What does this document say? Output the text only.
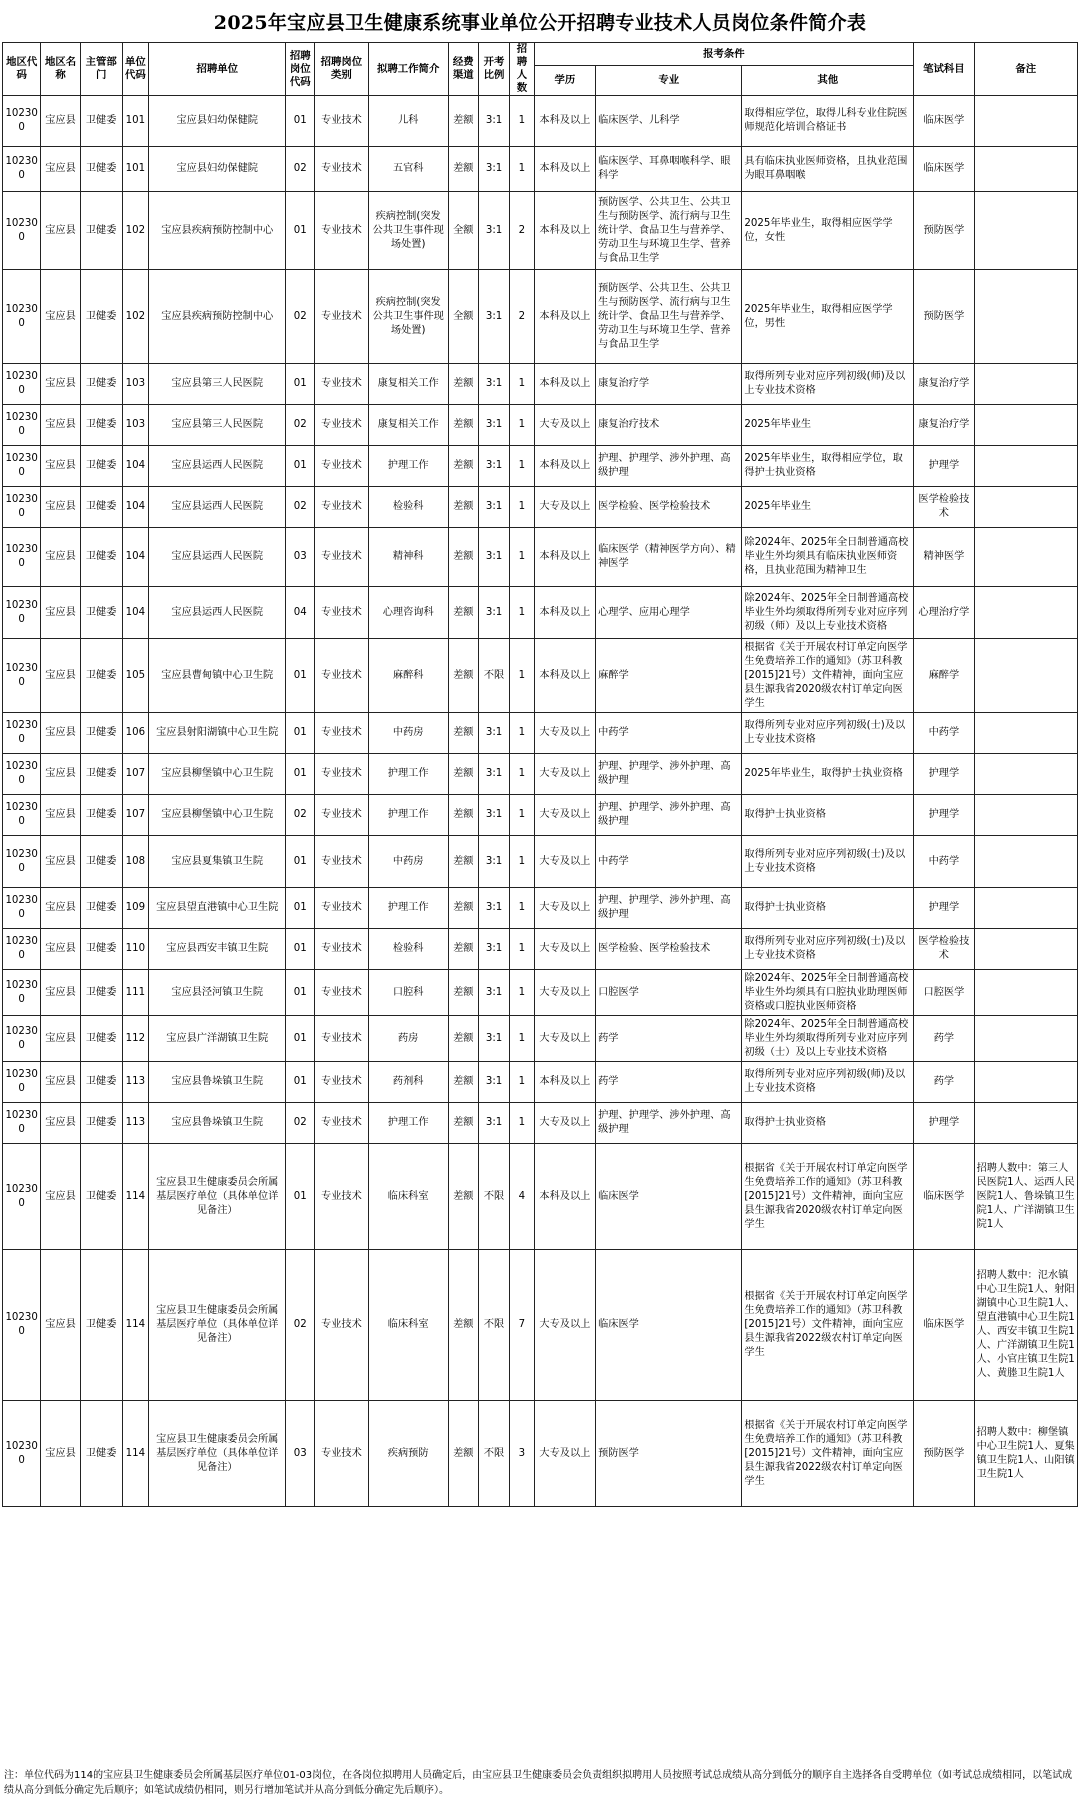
2025年宝应县卫生健康系统事业单位公开招聘专业技术人员岗位条件简介表
地区代码	地区名称	主管部门	单位代码	招聘单位	招聘岗位代码	招聘岗位类别	拟聘工作简介	经费渠道	开考比例	招聘人数	报考条件			笔试科目	备注
											学历	专业	其他		
102300	宝应县	卫健委	101	宝应县妇幼保健院	01	专业技术	儿科	差额	3:1	1	本科及以上	临床医学、儿科学	取得相应学位，取得儿科专业住院医师规范化培训合格证书	临床医学	
102300	宝应县	卫健委	101	宝应县妇幼保健院	02	专业技术	五官科	差额	3:1	1	本科及以上	临床医学、耳鼻咽喉科学、眼科学	具有临床执业医师资格，且执业范围为眼耳鼻咽喉	临床医学	
102300	宝应县	卫健委	102	宝应县疾病预防控制中心	01	专业技术	疾病控制(突发公共卫生事件现场处置)	全额	3:1	2	本科及以上	预防医学、公共卫生、公共卫生与预防医学、流行病与卫生统计学、食品卫生与营养学、劳动卫生与环境卫生学、营养与食品卫生学	2025年毕业生，取得相应医学学位，女性	预防医学	
102300	宝应县	卫健委	102	宝应县疾病预防控制中心	02	专业技术	疾病控制(突发公共卫生事件现场处置)	全额	3:1	2	本科及以上	预防医学、公共卫生、公共卫生与预防医学、流行病与卫生统计学、食品卫生与营养学、劳动卫生与环境卫生学、营养与食品卫生学	2025年毕业生，取得相应医学学位，男性	预防医学	
102300	宝应县	卫健委	103	宝应县第三人民医院	01	专业技术	康复相关工作	差额	3:1	1	本科及以上	康复治疗学	取得所列专业对应序列初级(师)及以上专业技术资格	康复治疗学	
102300	宝应县	卫健委	103	宝应县第三人民医院	02	专业技术	康复相关工作	差额	3:1	1	大专及以上	康复治疗技术	2025年毕业生	康复治疗学	
102300	宝应县	卫健委	104	宝应县运西人民医院	01	专业技术	护理工作	差额	3:1	1	本科及以上	护理、护理学、涉外护理、高级护理	2025年毕业生，取得相应学位，取得护士执业资格	护理学	
102300	宝应县	卫健委	104	宝应县运西人民医院	02	专业技术	检验科	差额	3:1	1	大专及以上	医学检验、医学检验技术	2025年毕业生	医学检验技术	
102300	宝应县	卫健委	104	宝应县运西人民医院	03	专业技术	精神科	差额	3:1	1	本科及以上	临床医学（精神医学方向）、精神医学	除2024年、2025年全日制普通高校毕业生外均须具有临床执业医师资格，且执业范围为精神卫生	精神医学	
102300	宝应县	卫健委	104	宝应县运西人民医院	04	专业技术	心理咨询科	差额	3:1	1	本科及以上	心理学、应用心理学	除2024年、2025年全日制普通高校毕业生外均须取得所列专业对应序列初级（师）及以上专业技术资格	心理治疗学	
102300	宝应县	卫健委	105	宝应县曹甸镇中心卫生院	01	专业技术	麻醉科	差额	不限	1	本科及以上	麻醉学	根据省《关于开展农村订单定向医学生免费培养工作的通知》（苏卫科教[2015]21号）文件精神，面向宝应县生源我省2020级农村订单定向医学生	麻醉学	
102300	宝应县	卫健委	106	宝应县射阳湖镇中心卫生院	01	专业技术	中药房	差额	3:1	1	大专及以上	中药学	取得所列专业对应序列初级(士)及以上专业技术资格	中药学	
102300	宝应县	卫健委	107	宝应县柳堡镇中心卫生院	01	专业技术	护理工作	差额	3:1	1	大专及以上	护理、护理学、涉外护理、高级护理	2025年毕业生，取得护士执业资格	护理学	
102300	宝应县	卫健委	107	宝应县柳堡镇中心卫生院	02	专业技术	护理工作	差额	3:1	1	大专及以上	护理、护理学、涉外护理、高级护理	取得护士执业资格	护理学	
102300	宝应县	卫健委	108	宝应县夏集镇卫生院	01	专业技术	中药房	差额	3:1	1	大专及以上	中药学	取得所列专业对应序列初级(士)及以上专业技术资格	中药学	
102300	宝应县	卫健委	109	宝应县望直港镇中心卫生院	01	专业技术	护理工作	差额	3:1	1	大专及以上	护理、护理学、涉外护理、高级护理	取得护士执业资格	护理学	
102300	宝应县	卫健委	110	宝应县西安丰镇卫生院	01	专业技术	检验科	差额	3:1	1	大专及以上	医学检验、医学检验技术	取得所列专业对应序列初级(士)及以上专业技术资格	医学检验技术	
102300	宝应县	卫健委	111	宝应县泾河镇卫生院	01	专业技术	口腔科	差额	3:1	1	大专及以上	口腔医学	除2024年、2025年全日制普通高校毕业生外均须具有口腔执业助理医师资格或口腔执业医师资格	口腔医学	
102300	宝应县	卫健委	112	宝应县广洋湖镇卫生院	01	专业技术	药房	差额	3:1	1	大专及以上	药学	除2024年、2025年全日制普通高校毕业生外均须取得所列专业对应序列初级（士）及以上专业技术资格	药学	
102300	宝应县	卫健委	113	宝应县鲁垛镇卫生院	01	专业技术	药剂科	差额	3:1	1	本科及以上	药学	取得所列专业对应序列初级(师)及以上专业技术资格	药学	
102300	宝应县	卫健委	113	宝应县鲁垛镇卫生院	02	专业技术	护理工作	差额	3:1	1	大专及以上	护理、护理学、涉外护理、高级护理	取得护士执业资格	护理学	
102300	宝应县	卫健委	114	宝应县卫生健康委员会所属基层医疗单位（具体单位详见备注）	01	专业技术	临床科室	差额	不限	4	本科及以上	临床医学	根据省《关于开展农村订单定向医学生免费培养工作的通知》（苏卫科教[2015]21号）文件精神，面向宝应县生源我省2020级农村订单定向医学生	临床医学	招聘人数中：第三人民医院1人、运西人民医院1人、鲁垛镇卫生院1人、广洋湖镇卫生院1人
102300	宝应县	卫健委	114	宝应县卫生健康委员会所属基层医疗单位（具体单位详见备注）	02	专业技术	临床科室	差额	不限	7	大专及以上	临床医学	根据省《关于开展农村订单定向医学生免费培养工作的通知》（苏卫科教[2015]21号）文件精神，面向宝应县生源我省2022级农村订单定向医学生	临床医学	招聘人数中：氾水镇中心卫生院1人、射阳湖镇中心卫生院1人、望直港镇中心卫生院1人、西安丰镇卫生院1人、广洋湖镇卫生院1人、小官庄镇卫生院1人、黄塍卫生院1人
102300	宝应县	卫健委	114	宝应县卫生健康委员会所属基层医疗单位（具体单位详见备注）	03	专业技术	疾病预防	差额	不限	3	大专及以上	预防医学	根据省《关于开展农村订单定向医学生免费培养工作的通知》（苏卫科教[2015]21号）文件精神，面向宝应县生源我省2022级农村订单定向医学生	预防医学	招聘人数中：柳堡镇中心卫生院1人、夏集镇卫生院1人、山阳镇卫生院1人
注：单位代码为114的宝应县卫生健康委员会所属基层医疗单位01-03岗位，在各岗位拟聘用人员确定后，由宝应县卫生健康委员会负责组织拟聘用人员按照考试总成绩从高分到低分的顺序自主选择各自受聘单位（如考试总成绩相同，以笔试成绩从高分到低分确定先后顺序；如笔试成绩仍相同，则另行增加笔试并从高分到低分确定先后顺序）。
